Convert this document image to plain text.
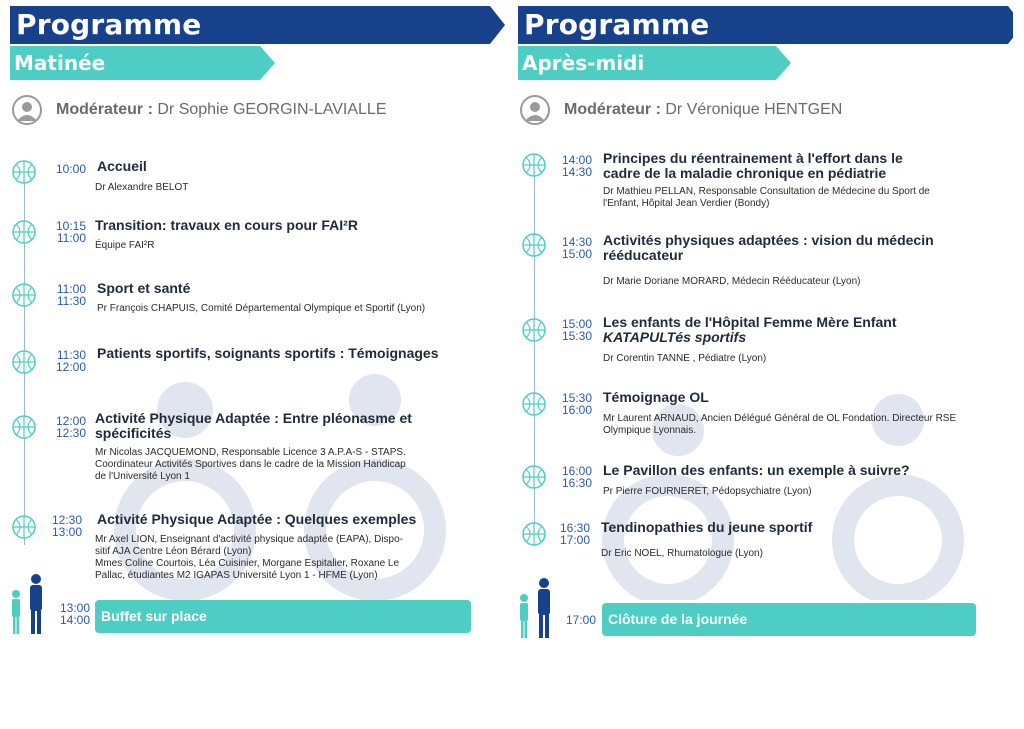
Programme
Matinée
Modérateur : Dr Sophie GEORGIN-LAVIALLE
10:00 Accueil
Dr Alexandre BELOT
10:15
11:00
Transition: travaux en cours pour FAI²R
Équipe FAI²R
11:00
11:30
Sport et santé
Pr François CHAPUIS, Comité Départemental Olympique et Sportif (Lyon)
11:30
12:00
Patients sportifs, soignants sportifs : Témoignages
12:00
12:30
Activité Physique Adaptée : Entre pléonasme et
spécificités
Mr Nicolas JACQUEMOND, Responsable Licence 3 A.P.A-S - STAPS.
Coordinateur Activités Sportives dans le cadre de la Mission Handicap
de l'Université Lyon 1
12:30
13:00
Activité Physique Adaptée : Quelques exemples
Mr Axel LION, Enseignant d'activité physique adaptée (EAPA), Dispo-
sitif AJA Centre Léon Bérard (Lyon)
Mmes Coline Courtois, Léa Cuisinier, Morgane Espitalier, Roxane Le
Pallac, étudiantes M2 IGAPAS Université Lyon 1 - HFME (Lyon)
13:00
14:00 Buffet sur place
Programme
Après-midi
Modérateur : Dr Véronique HENTGEN
14:00
14:30
Principes du réentrainement à l'effort dans le
cadre de la maladie chronique en pédiatrie
Dr Mathieu PELLAN, Responsable Consultation de Médecine du Sport de
l'Enfant, Hôpital Jean Verdier (Bondy)
14:30
15:00
Activités physiques adaptées : vision du médecin
rééducateur
Dr Marie Doriane MORARD, Médecin Rééducateur (Lyon)
15:00
15:30
Les enfants de l'Hôpital Femme Mère Enfant
KATAPULTés sportifs
Dr Corentin TANNE , Pédiatre (Lyon)
15:30
16:00
Témoignage OL
Mr Laurent ARNAUD, Ancien Délégué Général de OL Fondation. Directeur RSE
Olympique Lyonnais.
16:00
16:30
Le Pavillon des enfants: un exemple à suivre?
Pr Pierre FOURNERET, Pédopsychiatre (Lyon)
16:30
17:00
Tendinopathies du jeune sportif
Dr Eric NOEL, Rhumatologue (Lyon)
17:00 Clôture de la journée
